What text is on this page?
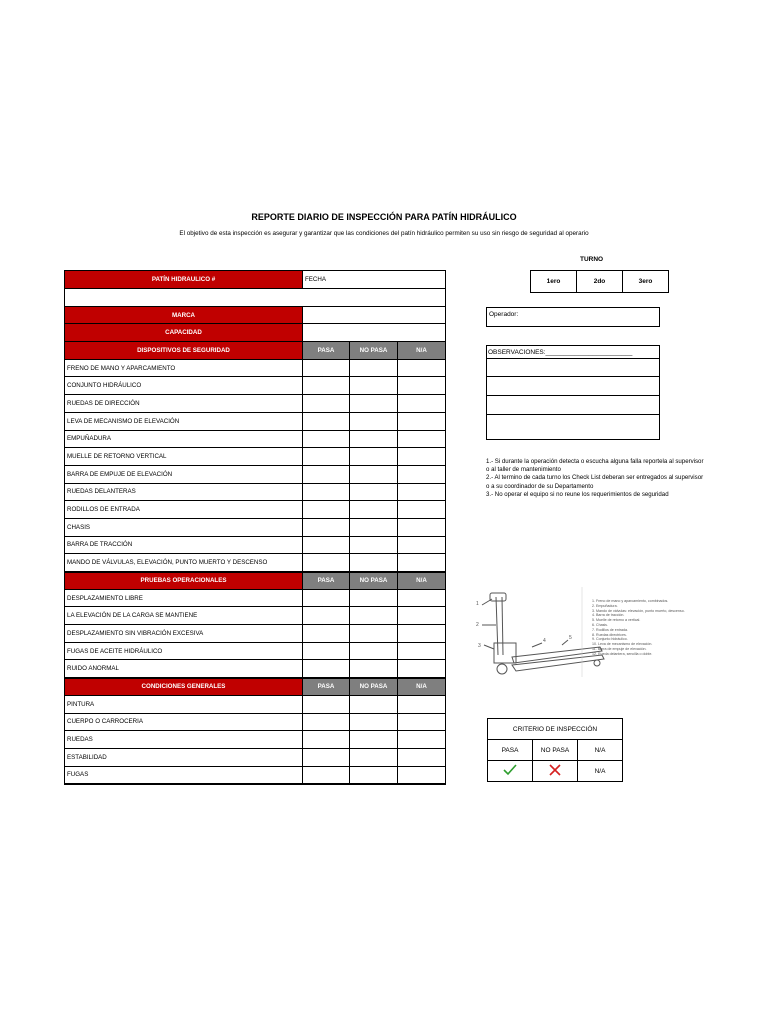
REPORTE DIARIO DE INSPECCIÓN PARA PATÍN HIDRÁULICO
El objetivo de esta inspección es asegurar y garantizar que las condiciones del patín hidráulico permiten su uso sin riesgo de seguridad al operario
PATÍN HIDRAULICO #	FECHA		

MARCA			
CAPACIDAD			
DISPOSITIVOS DE SEGURIDAD	PASA	NO PASA	N/A
FRENO DE MANO Y APARCAMIENTO			
CONJUNTO HIDRÁULICO			
RUEDAS DE DIRECCIÓN			
LEVA DE MECANISMO DE ELEVACIÓN			
EMPUÑADURA			
MUELLE DE RETORNO VERTICAL			
BARRA DE EMPUJE DE ELEVACIÓN			
RUEDAS DELANTERAS			
RODILLOS DE ENTRADA			
CHASIS			
BARRA DE TRACCIÓN			
MANDO DE VÁLVULAS, ELEVACIÓN, PUNTO MUERTO Y DESCENSO			
PRUEBAS OPERACIONALES	PASA	NO PASA	N/A
DESPLAZAMIENTO LIBRE			
LA ELEVACIÓN DE LA CARGA SE MANTIENE			
DESPLAZAMIENTO SIN VIBRACIÓN EXCESIVA			
FUGAS DE ACEITE HIDRÁULICO			
RUIDO ANORMAL			
CONDICIONES GENERALES	PASA	NO PASA	N/A
PINTURA			
CUERPO O CARROCERIA			
RUEDAS			
ESTABILIDAD			
FUGAS			
TURNO
1ero	2do	3ero
Operador:
OBSERVACIONES:________________________
1.- Si durante la operación detecta o escucha alguna falla reportela al supervisor o al taller de mantenimiento
2.- Al termino de cada turno los Check List deberan ser entregados al supervisor o a su coordinador de su Departamento
3.- No operar el equipo si no reune los requerimientos de seguridad
1
2
3
4	5
1. Freno de mano y aparcamiento, combinados.
2. Empuñadura.
3. Mando de válvulas: elevación, punto muerto, descenso.
4. Barra de tracción.
5. Muelle de retorno a vertical.
6. Chasis.
7. Rodillos de entrada.
8. Ruedas directrices.
9. Conjunto hidráulico.
10. Leva de mecanismo de elevación.
11. Barra de empuje de elevación.
12. Rueda delantera, sencilla o doble.
CRITERIO DE INSPECCIÓN		
PASA	NO PASA	N/A
		N/A
